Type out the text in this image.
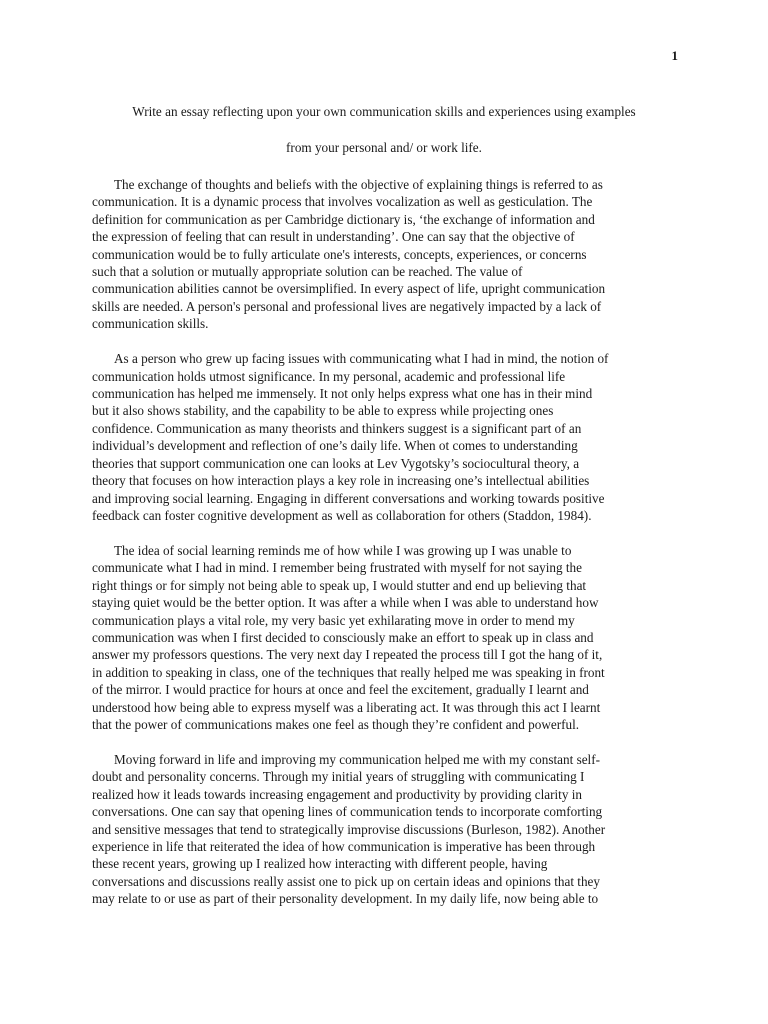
1
Write an essay reflecting upon your own communication skills and experiences using examples
from your personal and/ or work life.

The exchange of thoughts and beliefs with the objective of explaining things is referred to as
communication. It is a dynamic process that involves vocalization as well as gesticulation. The
definition for communication as per Cambridge dictionary is, ‘the exchange of information and
the expression of feeling that can result in understanding’. One can say that the objective of
communication would be to fully articulate one's interests, concepts, experiences, or concerns
such that a solution or mutually appropriate solution can be reached. The value of
communication abilities cannot be oversimplified. In every aspect of life, upright communication
skills are needed. A person's personal and professional lives are negatively impacted by a lack of
communication skills.

As a person who grew up facing issues with communicating what I had in mind, the notion of
communication holds utmost significance. In my personal, academic and professional life
communication has helped me immensely. It not only helps express what one has in their mind
but it also shows stability, and the capability to be able to express while projecting ones
confidence. Communication as many theorists and thinkers suggest is a significant part of an
individual’s development and reflection of one’s daily life. When ot comes to understanding
theories that support communication one can looks at Lev Vygotsky’s sociocultural theory, a
theory that focuses on how interaction plays a key role in increasing one’s intellectual abilities
and improving social learning. Engaging in different conversations and working towards positive
feedback can foster cognitive development as well as collaboration for others (Staddon, 1984).

The idea of social learning reminds me of how while I was growing up I was unable to
communicate what I had in mind. I remember being frustrated with myself for not saying the
right things or for simply not being able to speak up, I would stutter and end up believing that
staying quiet would be the better option. It was after a while when I was able to understand how
communication plays a vital role, my very basic yet exhilarating move in order to mend my
communication was when I first decided to consciously make an effort to speak up in class and
answer my professors questions. The very next day I repeated the process till I got the hang of it,
in addition to speaking in class, one of the techniques that really helped me was speaking in front
of the mirror. I would practice for hours at once and feel the excitement, gradually I learnt and
understood how being able to express myself was a liberating act. It was through this act I learnt
that the power of communications makes one feel as though they’re confident and powerful.

Moving forward in life and improving my communication helped me with my constant self-
doubt and personality concerns. Through my initial years of struggling with communicating I
realized how it leads towards increasing engagement and productivity by providing clarity in
conversations. One can say that opening lines of communication tends to incorporate comforting
and sensitive messages that tend to strategically improvise discussions (Burleson, 1982). Another
experience in life that reiterated the idea of how communication is imperative has been through
these recent years, growing up I realized how interacting with different people, having
conversations and discussions really assist one to pick up on certain ideas and opinions that they
may relate to or use as part of their personality development. In my daily life, now being able to
